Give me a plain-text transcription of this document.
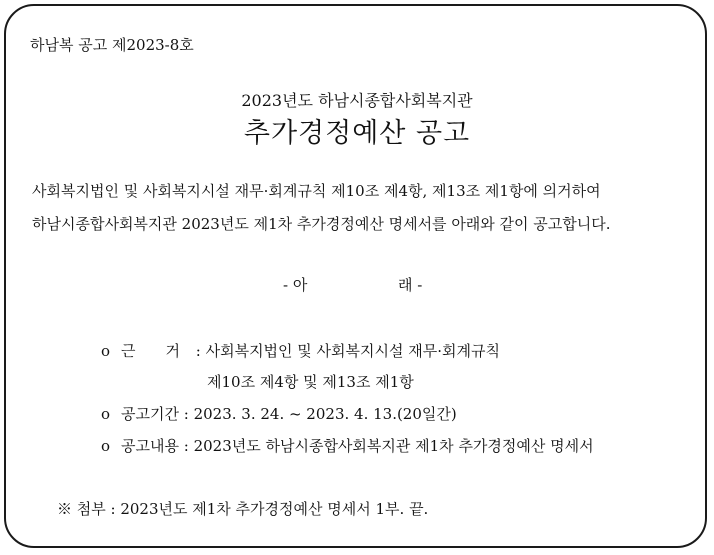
하남복 공고 제2023-8호
2023년도 하남시종합사회복지관
추가경정예산 공고
사회복지법인 및 사회복지시설 재무·회계규칙 제10조 제4항, 제13조 제1항에 의거하여
하남시종합사회복지관 2023년도 제1차 추가경정예산 명세서를 아래와 같이 공고합니다.
- 아	래 -
o 근 거 : 사회복지법인 및 사회복지시설 재무·회계규칙
제10조 제4항 및 제13조 제1항
o 공고기간 : 2023. 3. 24. ~ 2023. 4. 13.(20일간)
o 공고내용 : 2023년도 하남시종합사회복지관 제1차 추가경정예산 명세서
※ 첨부 : 2023년도 제1차 추가경정예산 명세서 1부. 끝.
